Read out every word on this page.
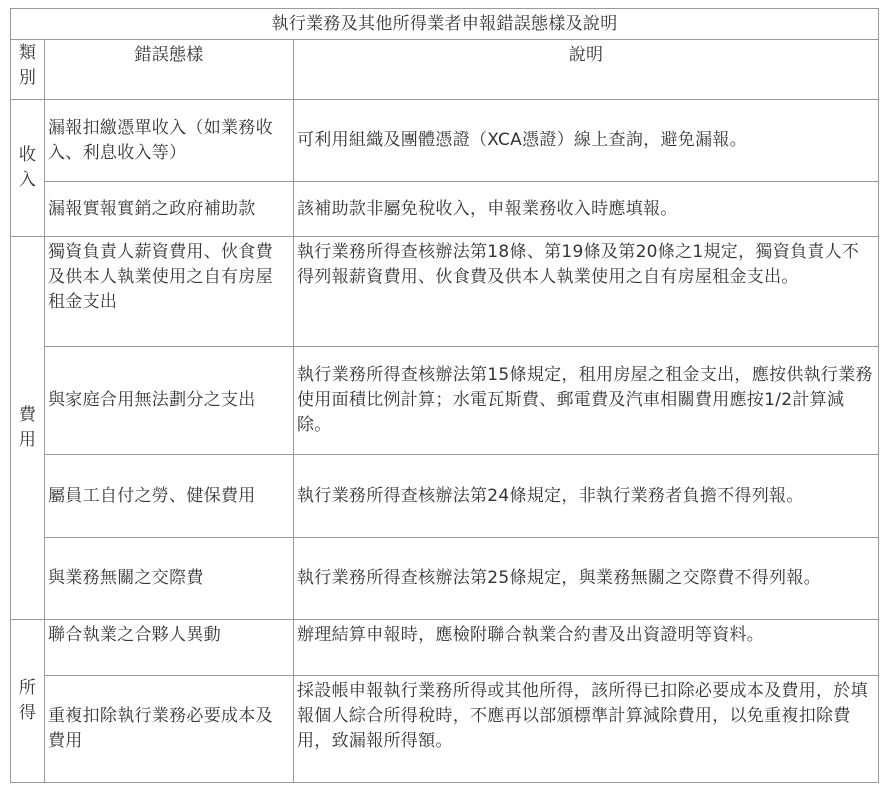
執行業務及其他所得業者申報錯誤態樣及說明		
類別	錯誤態樣	說明
收入	漏報扣繳憑單收入（如業務收入、利息收入等）	可利用組織及團體憑證（XCA憑證）線上查詢，避免漏報。
	漏報實報實銷之政府補助款	該補助款非屬免稅收入，申報業務收入時應填報。
費用	獨資負責人薪資費用、伙食費及供本人執業使用之自有房屋租金支出	執行業務所得查核辦法第18條、第19條及第20條之1規定，獨資負責人不得列報薪資費用、伙食費及供本人執業使用之自有房屋租金支出。
	與家庭合用無法劃分之支出	執行業務所得查核辦法第15條規定，租用房屋之租金支出，應按供執行業務使用面積比例計算；水電瓦斯費、郵電費及汽車相關費用應按1/2計算減除。
	屬員工自付之勞、健保費用	執行業務所得查核辦法第24條規定，非執行業務者負擔不得列報。
	與業務無關之交際費	執行業務所得查核辦法第25條規定，與業務無關之交際費不得列報。
所得	聯合執業之合夥人異動	辦理結算申報時，應檢附聯合執業合約書及出資證明等資料。
	重複扣除執行業務必要成本及費用	採設帳申報執行業務所得或其他所得，該所得已扣除必要成本及費用，於填報個人綜合所得稅時，不應再以部頒標準計算減除費用，以免重複扣除費用，致漏報所得額。
